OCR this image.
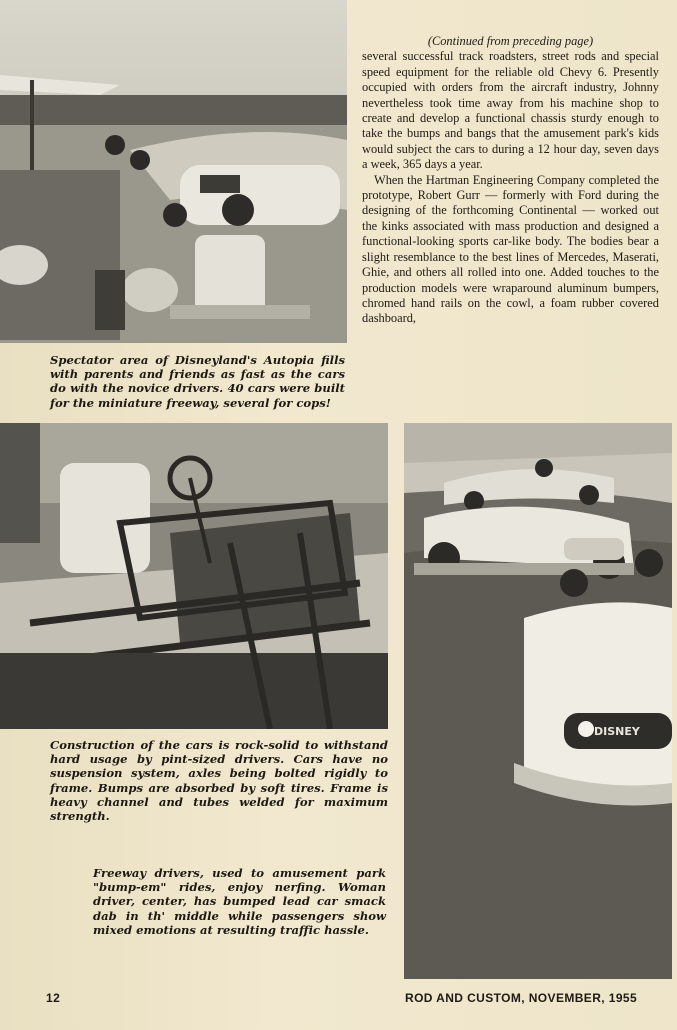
Spectator area of Disneyland's Autopia fills with parents and friends as fast as the cars do with the novice drivers. 40 cars were built for the miniature freeway, several for cops!

(Continued from preceding page)

several successful track roadsters, street rods and special speed equipment for the reliable old Chevy 6. Presently occupied with orders from the aircraft industry, Johnny nevertheless took time away from his machine shop to create and develop a functional chassis sturdy enough to take the bumps and bangs that the amusement park's kids would subject the cars to during a 12 hour day, seven days a week, 365 days a year.

When the Hartman Engineering Company completed the prototype, Robert Gurr — formerly with Ford during the designing of the forthcoming Continental — worked out the kinks associated with mass production and designed a functional-looking sports car-like body. The bodies bear a slight resemblance to the best lines of Mercedes, Maserati, Ghie, and others all rolled into one. Added touches to the production models were wraparound aluminum bumpers, chromed hand rails on the cowl, a foam rubber covered dashboard,

Construction of the cars is rock-solid to withstand hard usage by pint-sized drivers. Cars have no suspension system, axles being bolted rigidly to frame. Bumps are absorbed by soft tires. Frame is heavy channel and tubes welded for maximum strength.

Freeway drivers, used to amusement park "bump-em" rides, enjoy nerfing. Woman driver, center, has bumped lead car smack dab in th' middle while passengers show mixed emotions at resulting traffic hassle.

DISNEY
12	ROD AND CUSTOM, NOVEMBER, 1955
